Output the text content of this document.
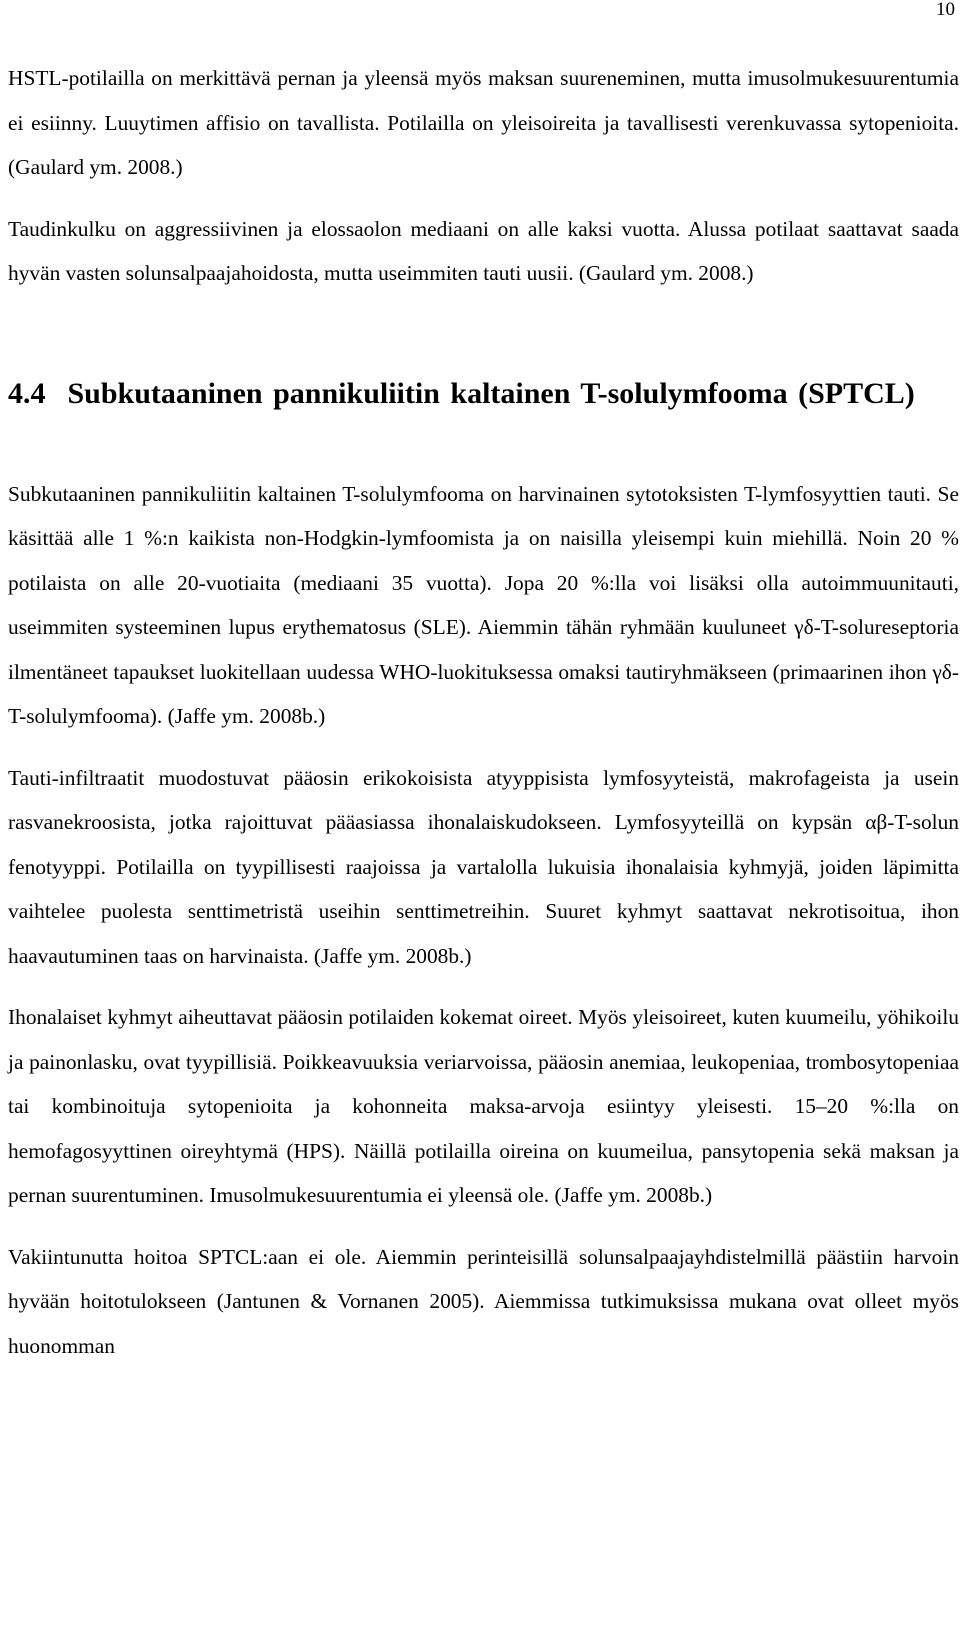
10

HSTL-potilailla on merkittävä pernan ja yleensä myös maksan suureneminen, mutta imusolmukesuurentumia ei esiinny. Luuytimen affisio on tavallista. Potilailla on yleisoireita ja tavallisesti verenkuvassa sytopenioita. (Gaulard ym. 2008.)

Taudinkulku on aggressiivinen ja elossaolon mediaani on alle kaksi vuotta. Alussa potilaat saattavat saada hyvän vasten solunsalpaajahoidosta, mutta useimmiten tauti uusii. (Gaulard ym. 2008.)

4.4 Subkutaaninen pannikuliitin kaltainen T-solulymfooma (SPTCL)

Subkutaaninen pannikuliitin kaltainen T-solulymfooma on harvinainen sytotoksisten T-lymfosyyttien tauti. Se käsittää alle 1 %:n kaikista non-Hodgkin-lymfoomista ja on naisilla yleisempi kuin miehillä. Noin 20 % potilaista on alle 20-vuotiaita (mediaani 35 vuotta). Jopa 20 %:lla voi lisäksi olla autoimmuunitauti, useimmiten systeeminen lupus erythematosus (SLE). Aiemmin tähän ryhmään kuuluneet γδ-T-solureseptoria ilmentäneet tapaukset luokitellaan uudessa WHO-luokituksessa omaksi tautiryhmäkseen (primaarinen ihon γδ-T-solulymfooma). (Jaffe ym. 2008b.)

Tauti-infiltraatit muodostuvat pääosin erikokoisista atyyppisista lymfosyyteistä, makrofageista ja usein rasvanekroosista, jotka rajoittuvat pääasiassa ihonalaiskudokseen. Lymfosyyteillä on kypsän αβ-T-solun fenotyyppi. Potilailla on tyypillisesti raajoissa ja vartalolla lukuisia ihonalaisia kyhmyjä, joiden läpimitta vaihtelee puolesta senttimetristä useihin senttimetreihin. Suuret kyhmyt saattavat nekrotisoitua, ihon haavautuminen taas on harvinaista. (Jaffe ym. 2008b.)

Ihonalaiset kyhmyt aiheuttavat pääosin potilaiden kokemat oireet. Myös yleisoireet, kuten kuumeilu, yöhikoilu ja painonlasku, ovat tyypillisiä. Poikkeavuuksia veriarvoissa, pääosin anemiaa, leukopeniaa, trombosytopeniaa tai kombinoituja sytopenioita ja kohonneita maksa-arvoja esiintyy yleisesti. 15–20 %:lla on hemofagosyyttinen oireyhtymä (HPS). Näillä potilailla oireina on kuumeilua, pansytopenia sekä maksan ja pernan suurentuminen. Imusolmukesuurentumia ei yleensä ole. (Jaffe ym. 2008b.)

Vakiintunutta hoitoa SPTCL:aan ei ole. Aiemmin perinteisillä solunsalpaajayhdistelmillä päästiin harvoin hyvään hoitotulokseen (Jantunen & Vornanen 2005). Aiemmissa tutkimuksissa mukana ovat olleet myös huonomman
